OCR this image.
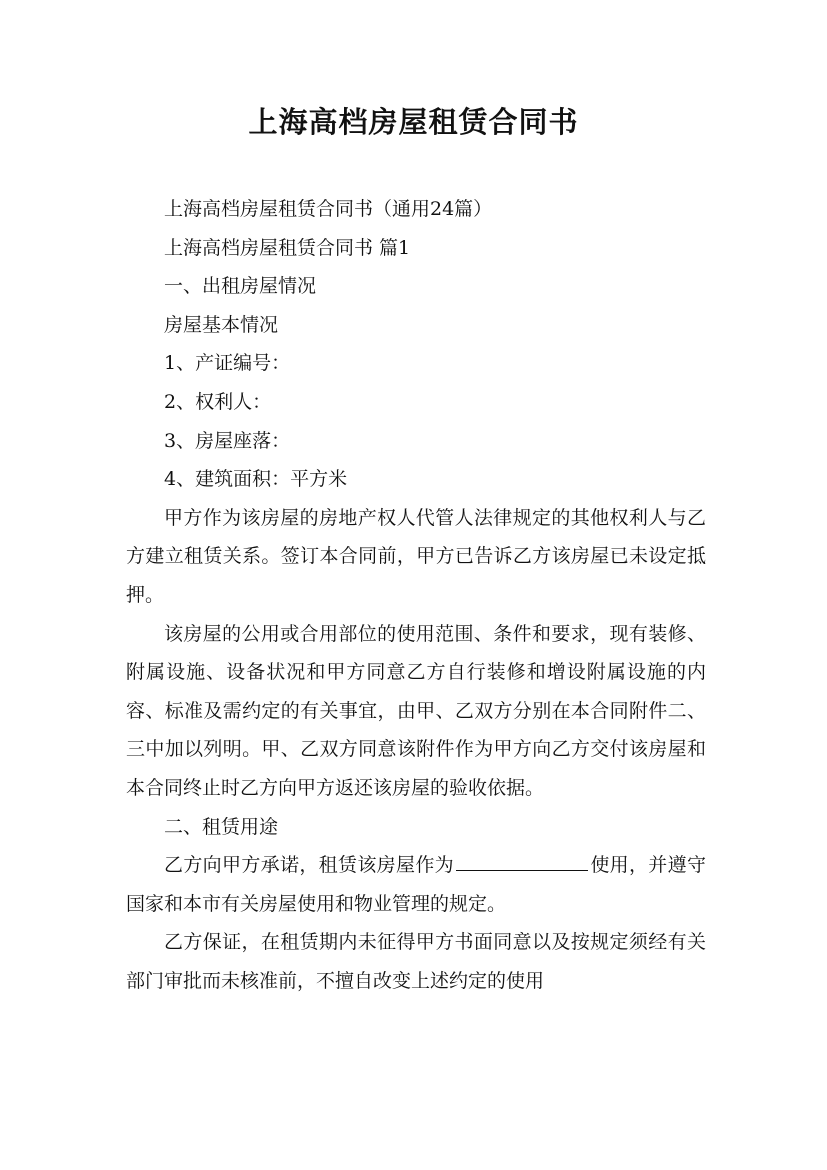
上海高档房屋租赁合同书

上海高档房屋租赁合同书（通用24篇）

上海高档房屋租赁合同书 篇1

一、出租房屋情况

房屋基本情况

1、产证编号：

2、权利人：

3、房屋座落：

4、建筑面积：平方米

甲方作为该房屋的房地产权人代管人法律规定的其他权利人与乙方建立租赁关系。签订本合同前，甲方已告诉乙方该房屋已未设定抵押。

该房屋的公用或合用部位的使用范围、条件和要求，现有装修、附属设施、设备状况和甲方同意乙方自行装修和增设附属设施的内容、标准及需约定的有关事宜，由甲、乙双方分别在本合同附件二、三中加以列明。甲、乙双方同意该附件作为甲方向乙方交付该房屋和本合同终止时乙方向甲方返还该房屋的验收依据。

二、租赁用途

乙方向甲方承诺，租赁该房屋作为	使用，并遵守国家和本市有关房屋使用和物业管理的规定。

乙方保证，在租赁期内未征得甲方书面同意以及按规定须经有关部门审批而未核准前，不擅自改变上述约定的使用
